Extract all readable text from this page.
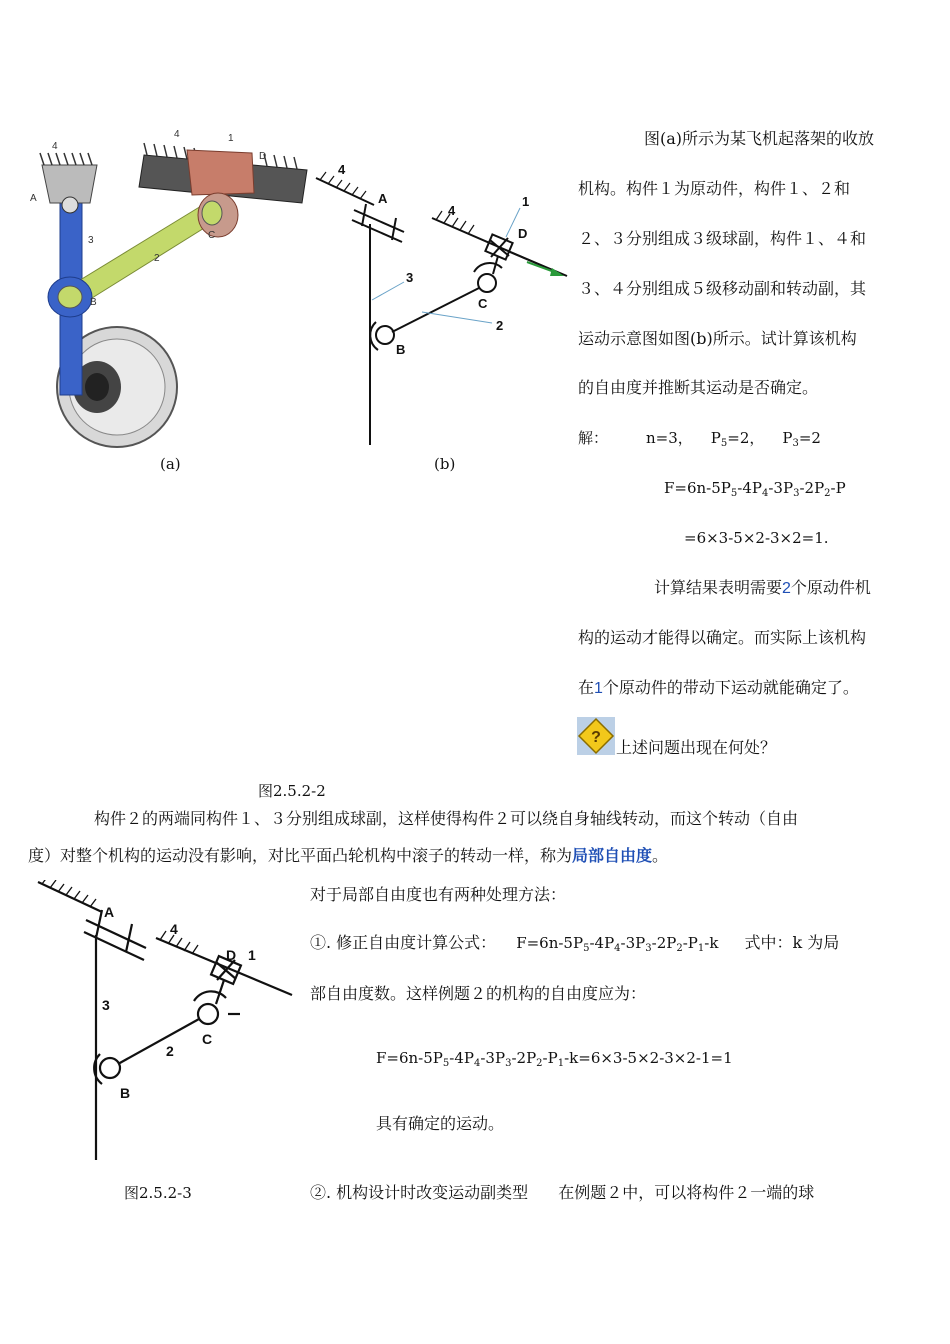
4
A
4	1
D
3
2
B
C
(a)
4
A
4
1
D
3
C
2
B
(b)
图(a)所示为某飞机起落架的收放
机构。构件１为原动件，构件１、２和
２、３分别组成３级球副，构件１、４和
３、４分别组成５级移动副和转动副，其
运动示意图如图(b)所示。试计算该机构
的自由度并推断其运动是否确定。
解：	n=3， $P_5=2$， $P_3=2$
$F=6n-5P_5-4P_4-3P_3-2P_2-P$
=6×3-5×2-3×2=1.
计算结果表明需要2个原动件机
构的运动才能得以确定。而实际上该机构
在1个原动件的带动下运动就能确定了。
?
上述问题出现在何处？
图2.5.2-2
构件２的两端同构件１、３分别组成球副，这样使得构件２可以绕自身轴线转动，而这个转动（自由
度）对整个机构的运动没有影响，对比平面凸轮机构中滚子的转动一样，称为局部自由度。
A
4
D 1
3
2
C
B
图2.5.2-3
对于局部自由度也有两种处理方法：
①. 修正自由度计算公式： $F=6n-5P_5-4P_4-3P_3-2P_2-P_1-k$ 式中：k 为局
部自由度数。这样例题２的机构的自由度应为：
$F=6n-5P_5-4P_4-3P_3-2P_2-P_1-k=6\times 3-5\times 2-3\times 2-1=1$
具有确定的运动。
②. 机构设计时改变运动副类型 在例题２中，可以将构件２一端的球
